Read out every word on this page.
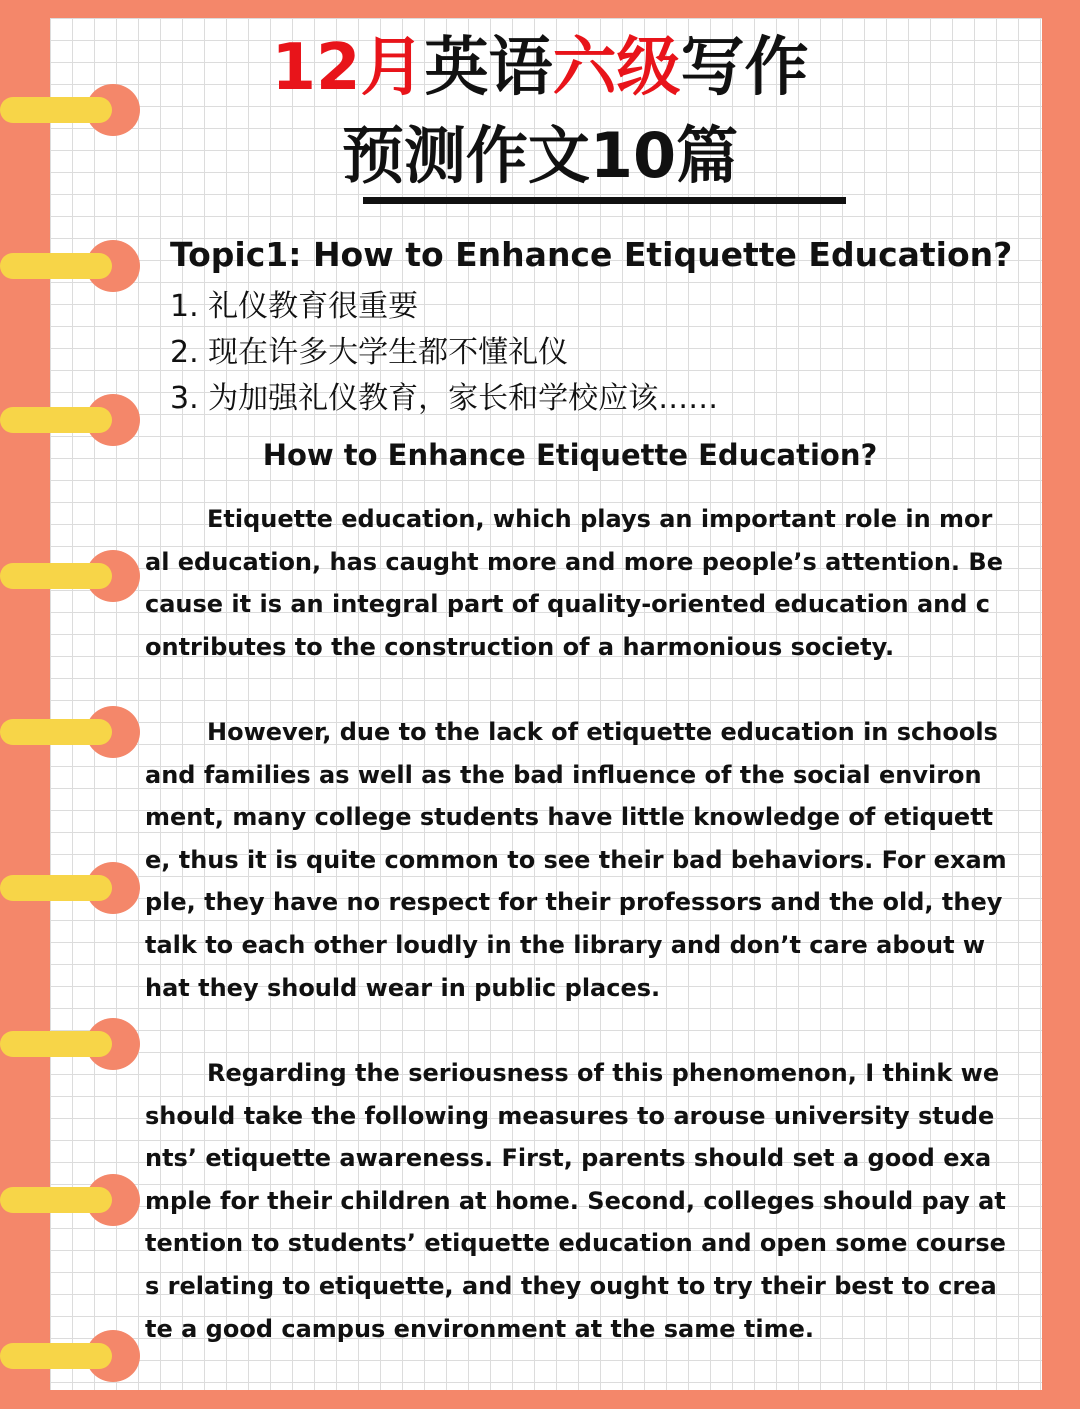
12月英语六级写作
预测作文10篇
Topic1: How to Enhance Etiquette Education?
1. 礼仪教育很重要
2. 现在许多大学生都不懂礼仪
3. 为加强礼仪教育，家长和学校应该……
How to Enhance Etiquette Education?
Etiquette education, which plays an important role in mor
al education, has caught more and more people’s attention. Be
cause it is an integral part of quality-oriented education and c
ontributes to the construction of a harmonious society.
However, due to the lack of etiquette education in schools
and families as well as the bad influence of the social environ
ment, many college students have little knowledge of etiquett
e, thus it is quite common to see their bad behaviors. For exam
ple, they have no respect for their professors and the old, they
talk to each other loudly in the library and don’t care about w
hat they should wear in public places.
Regarding the seriousness of this phenomenon, I think we
should take the following measures to arouse university stude
nts’ etiquette awareness. First, parents should set a good exa
mple for their children at home. Second, colleges should pay at
tention to students’ etiquette education and open some course
s relating to etiquette, and they ought to try their best to crea
te a good campus environment at the same time.
